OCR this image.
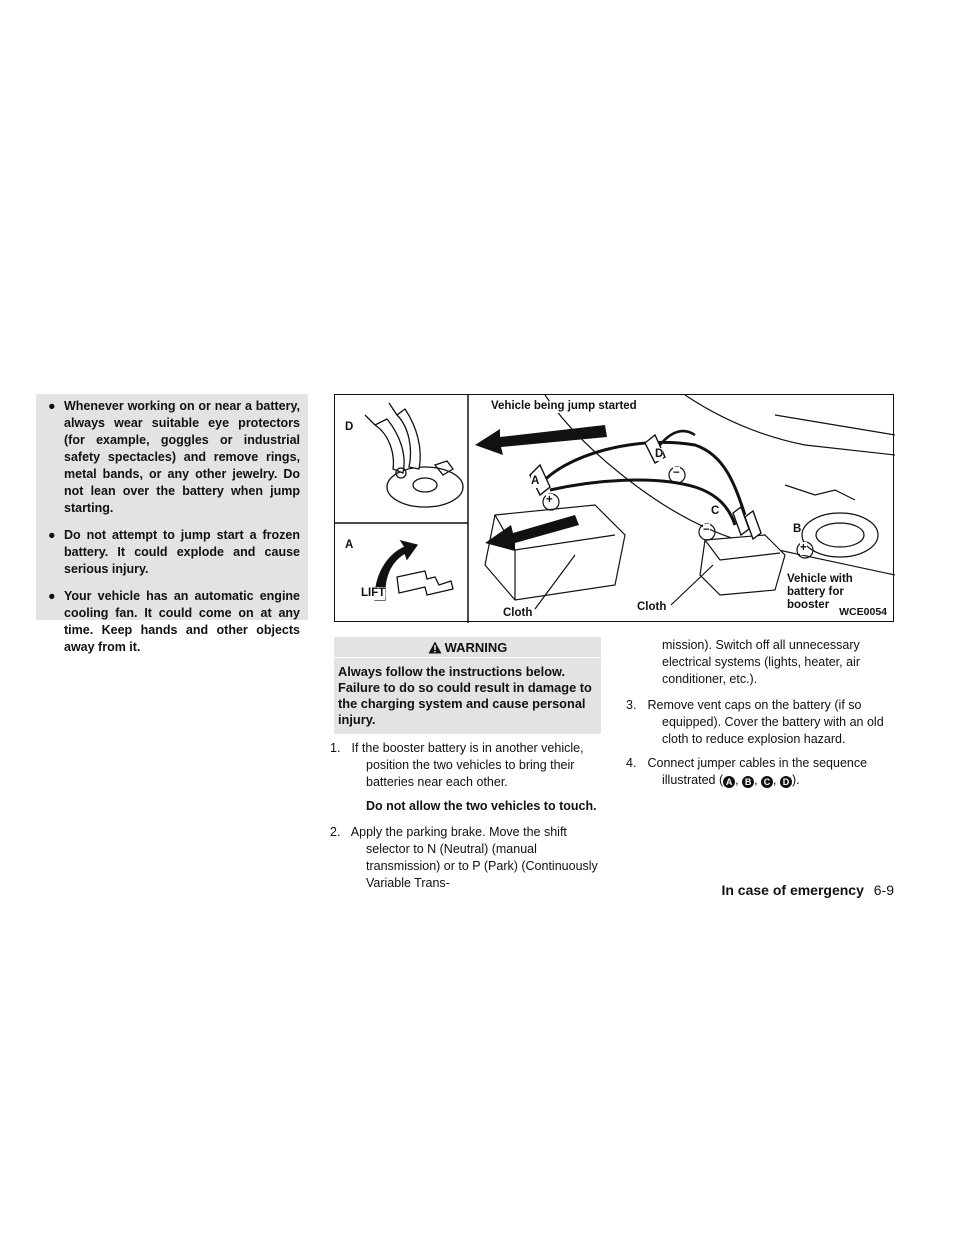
● Whenever working on or near a battery, always wear suitable eye protectors (for example, goggles or industrial safety spectacles) and remove rings, metal bands, or any other jewelry. Do not lean over the battery when jump starting.
● Do not attempt to jump start a frozen battery. It could explode and cause serious injury.
● Your vehicle has an automatic engine cooling fan. It could come on at any time. Keep hands and other objects away from it.
D
A
LIFT
Vehicle being jump started
A
D
C
B
+
−
−
+
Cloth	Cloth
Vehicle with battery for booster
WCE0054
WARNING
Always follow the instructions below. Failure to do so could result in damage to the charging system and cause personal injury.
1. If the booster battery is in another vehicle, position the two vehicles to bring their batteries near each other.
Do not allow the two vehicles to touch.
2. Apply the parking brake. Move the shift selector to N (Neutral) (manual transmission) or to P (Park) (Continuously Variable Trans-
mission). Switch off all unnecessary electrical systems (lights, heater, air conditioner, etc.).
3. Remove vent caps on the battery (if so equipped). Cover the battery with an old cloth to reduce explosion hazard.
4. Connect jumper cables in the sequence illustrated ( A , B , C , D ).
In case of emergency 6-9
